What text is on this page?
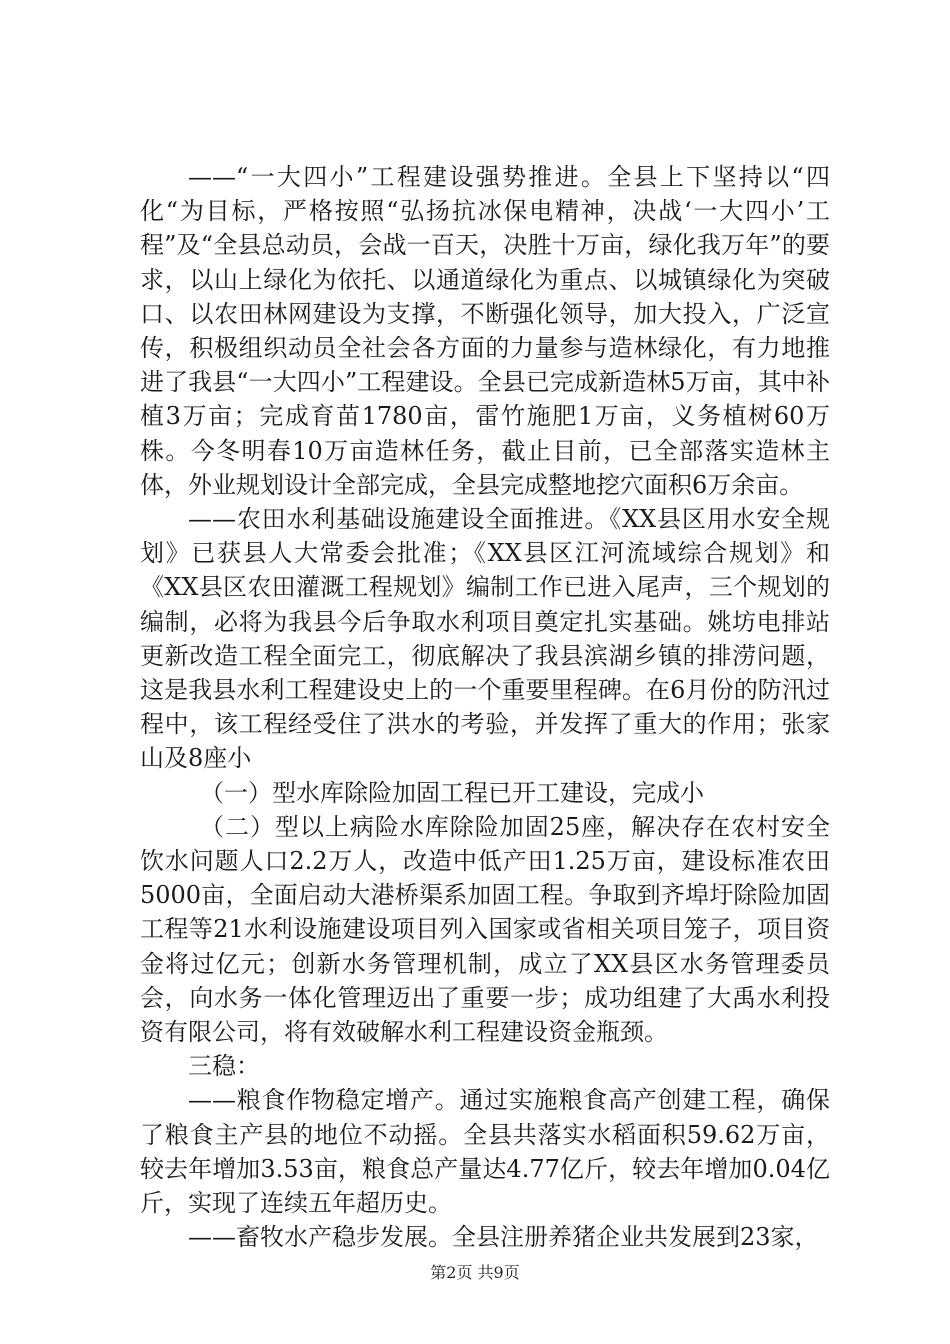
——“一大四小”工程建设强势推进。全县上下坚持以“四化“为目标，严格按照“弘扬抗冰保电精神，决战‘一大四小’工程”及“全县总动员，会战一百天，决胜十万亩，绿化我万年”的要求，以山上绿化为依托、以通道绿化为重点、以城镇绿化为突破口、以农田林网建设为支撑，不断强化领导，加大投入，广泛宣传，积极组织动员全社会各方面的力量参与造林绿化，有力地推进了我县“一大四小”工程建设。全县已完成新造林5万亩，其中补植3万亩；完成育苗1780亩，雷竹施肥1万亩，义务植树60万株。今冬明春10万亩造林任务，截止目前，已全部落实造林主体，外业规划设计全部完成，全县完成整地挖穴面积6万余亩。

——农田水利基础设施建设全面推进。《XX县区用水安全规划》已获县人大常委会批准；《XX县区江河流域综合规划》和《XX县区农田灌溉工程规划》编制工作已进入尾声，三个规划的编制，必将为我县今后争取水利项目奠定扎实基础。姚坊电排站更新改造工程全面完工，彻底解决了我县滨湖乡镇的排涝问题，这是我县水利工程建设史上的一个重要里程碑。在6月份的防汛过程中，该工程经受住了洪水的考验，并发挥了重大的作用；张家山及8座小

（一）型水库除险加固工程已开工建设，完成小

（二）型以上病险水库除险加固25座，解决存在农村安全饮水问题人口2.2万人，改造中低产田1.25万亩，建设标准农田5000亩，全面启动大港桥渠系加固工程。争取到齐埠圩除险加固工程等21水利设施建设项目列入国家或省相关项目笼子，项目资金将过亿元；创新水务管理机制，成立了XX县区水务管理委员会，向水务一体化管理迈出了重要一步；成功组建了大禹水利投资有限公司，将有效破解水利工程建设资金瓶颈。

三稳：

——粮食作物稳定增产。通过实施粮食高产创建工程，确保了粮食主产县的地位不动摇。全县共落实水稻面积59.62万亩，较去年增加3.53亩，粮食总产量达4.77亿斤，较去年增加0.04亿斤，实现了连续五年超历史。

——畜牧水产稳步发展。全县注册养猪企业共发展到23家，

第2页 共9页
